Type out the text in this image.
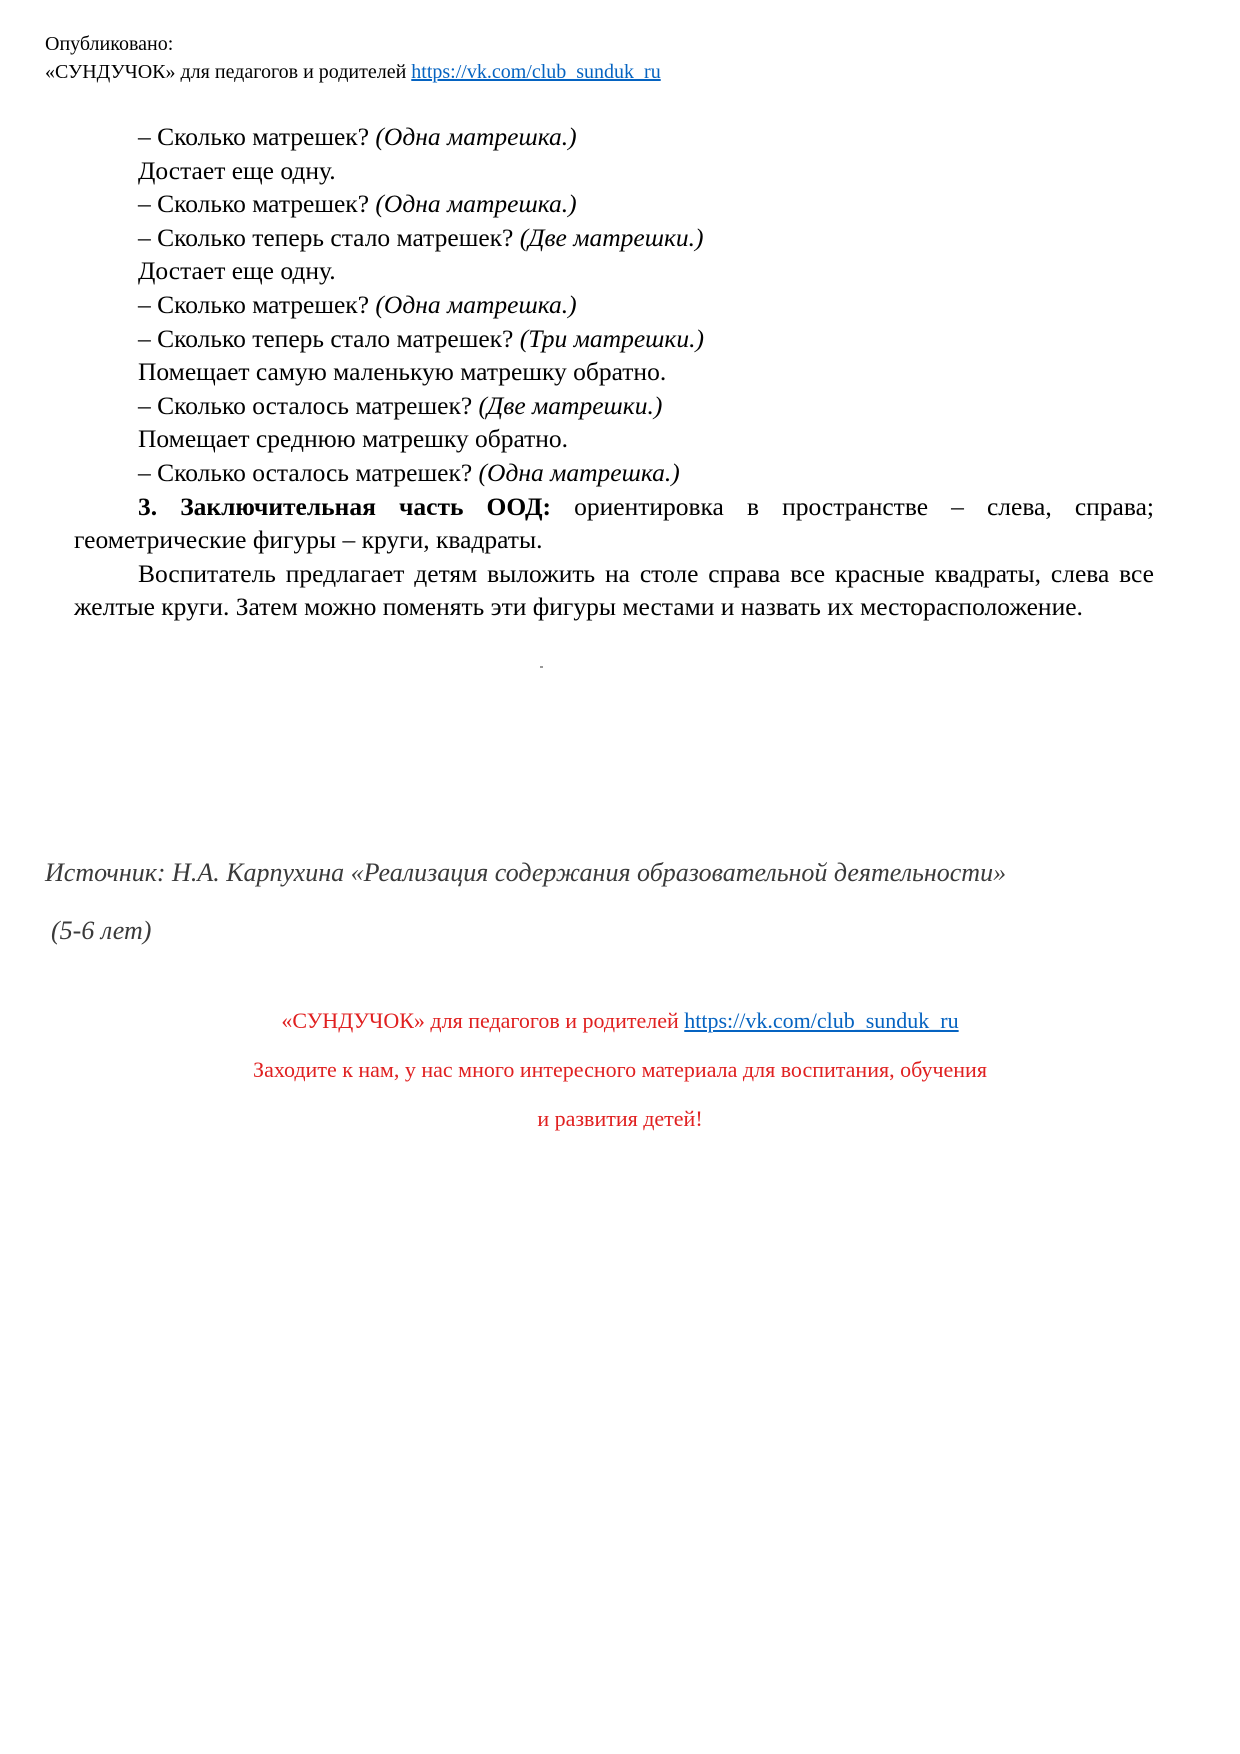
Опубликовано:
«СУНДУЧОК» для педагогов и родителей https://vk.com/club_sunduk_ru
– Сколько матрешек? (Одна матрешка.)
Достает еще одну.
– Сколько матрешек? (Одна матрешка.)
– Сколько теперь стало матрешек? (Две матрешки.)
Достает еще одну.
– Сколько матрешек? (Одна матрешка.)
– Сколько теперь стало матрешек? (Три матрешки.)
Помещает самую маленькую матрешку обратно.
– Сколько осталось матрешек? (Две матрешки.)
Помещает среднюю матрешку обратно.
– Сколько осталось матрешек? (Одна матрешка.)

3. Заключительная часть ООД: ориентировка в пространстве – слева, справа; геометрические фигуры – круги, квадраты.

Воспитатель предлагает детям выложить на столе справа все красные квадраты, слева все желтые круги. Затем можно поменять эти фигуры местами и назвать их месторасположение.

Источник: Н.А. Карпухина «Реализация содержания образовательной деятельности»
(5-6 лет)
«СУНДУЧОК» для педагогов и родителей https://vk.com/club_sunduk_ru
Заходите к нам, у нас много интересного материала для воспитания, обучения
и развития детей!
